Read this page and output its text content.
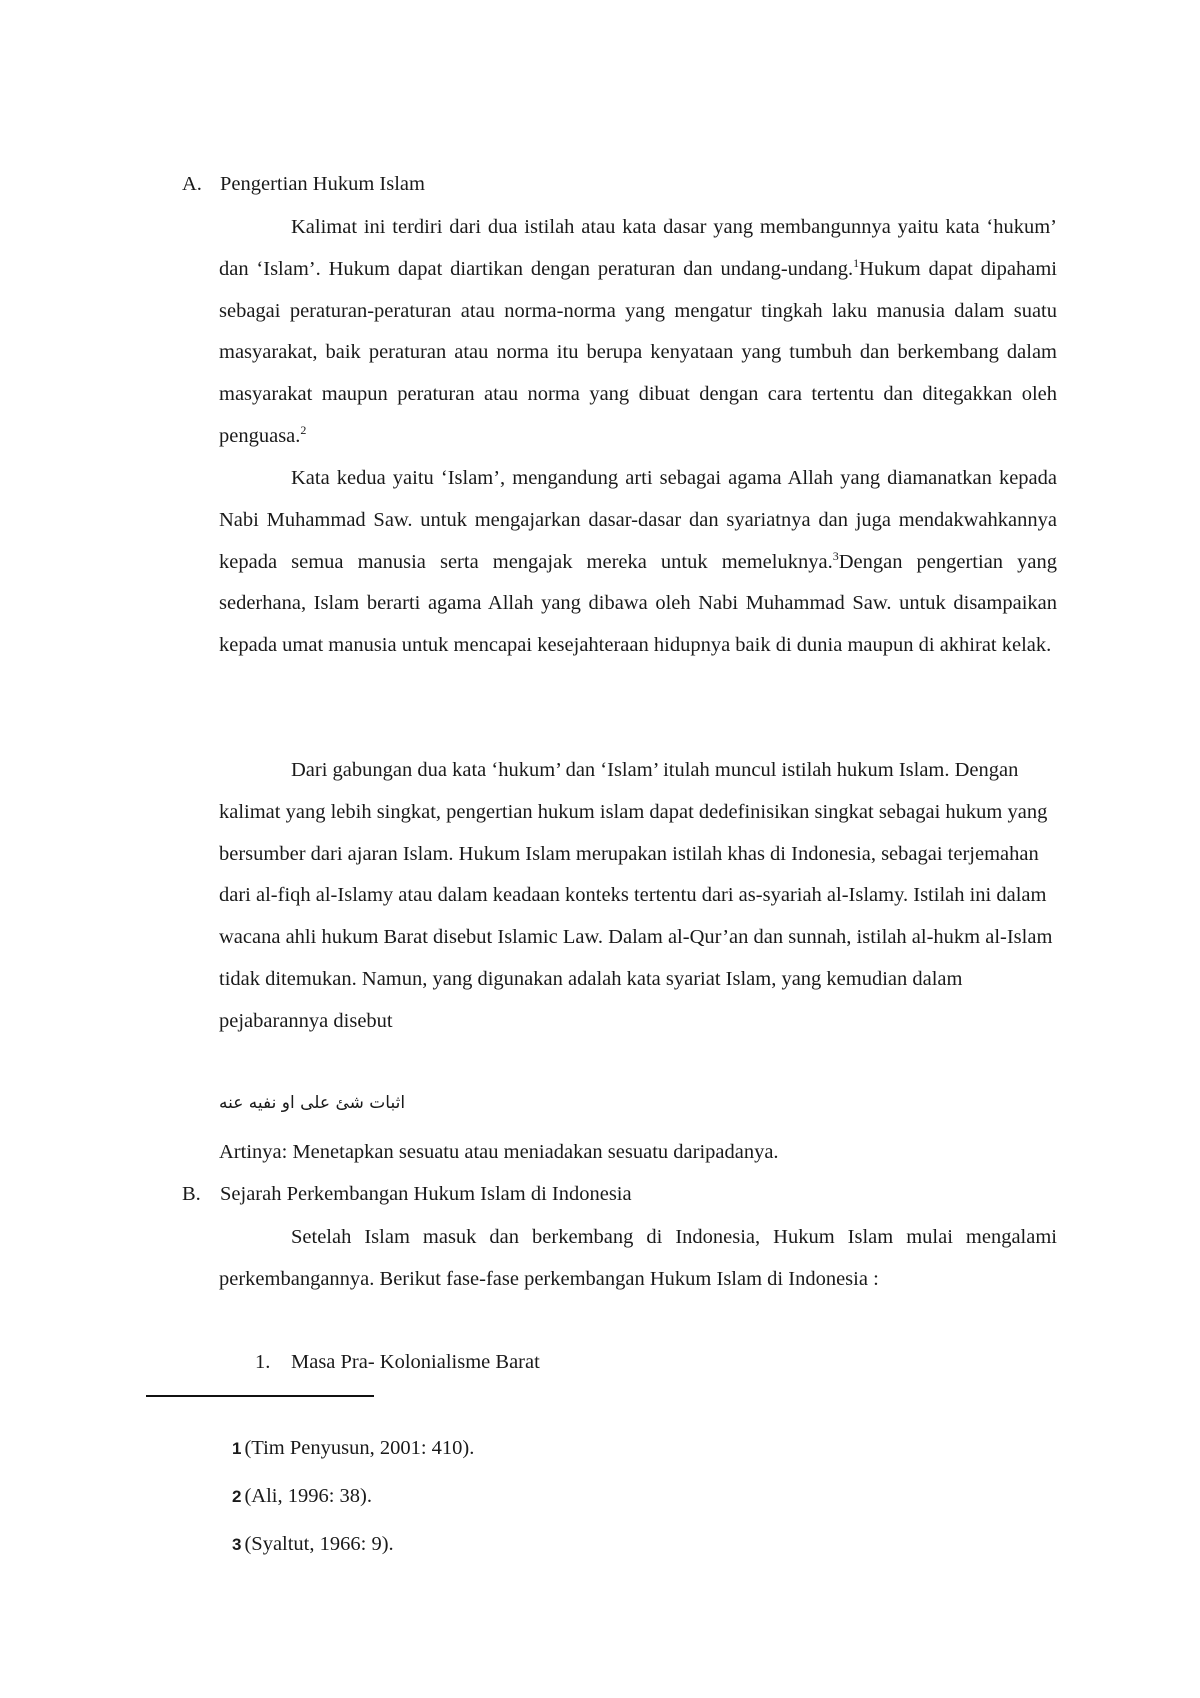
A. Pengertian Hukum Islam
Kalimat ini terdiri dari dua istilah atau kata dasar yang membangunnya yaitu kata ‘hukum’ dan ‘Islam’. Hukum dapat diartikan dengan peraturan dan undang-undang.$^1$Hukum dapat dipahami sebagai peraturan-peraturan atau norma-norma yang mengatur tingkah laku manusia dalam suatu masyarakat, baik peraturan atau norma itu berupa kenyataan yang tumbuh dan berkembang dalam masyarakat maupun peraturan atau norma yang dibuat dengan cara tertentu dan ditegakkan oleh penguasa.$^2$
Kata kedua yaitu ‘Islam’, mengandung arti sebagai agama Allah yang diamanatkan kepada Nabi Muhammad Saw. untuk mengajarkan dasar-dasar dan syariatnya dan juga mendakwahkannya kepada semua manusia serta mengajak mereka untuk memeluknya.$^3$Dengan pengertian yang sederhana, Islam berarti agama Allah yang dibawa oleh Nabi Muhammad Saw. untuk disampaikan kepada umat manusia untuk mencapai kesejahteraan hidupnya baik di dunia maupun di akhirat kelak.
Dari gabungan dua kata ‘hukum’ dan ‘Islam’ itulah muncul istilah hukum Islam. Dengan kalimat yang lebih singkat, pengertian hukum islam dapat dedefinisikan singkat sebagai hukum yang bersumber dari ajaran Islam. Hukum Islam merupakan istilah khas di Indonesia, sebagai terjemahan dari al-fiqh al-Islamy atau dalam keadaan konteks tertentu dari as-syariah al-Islamy. Istilah ini dalam wacana ahli hukum Barat disebut Islamic Law. Dalam al-Qur’an dan sunnah, istilah al-hukm al-Islam tidak ditemukan. Namun, yang digunakan adalah kata syariat Islam, yang kemudian dalam pejabarannya disebut
اثبات شئ على او نفيه عنه
Artinya: Menetapkan sesuatu atau meniadakan sesuatu daripadanya.
B. Sejarah Perkembangan Hukum Islam di Indonesia
Setelah Islam masuk dan berkembang di Indonesia, Hukum Islam mulai mengalami perkembangannya. Berikut fase-fase perkembangan Hukum Islam di Indonesia :
1. Masa Pra- Kolonialisme Barat
1 (Tim Penyusun, 2001: 410).
2 (Ali, 1996: 38).
3 (Syaltut, 1966: 9).
